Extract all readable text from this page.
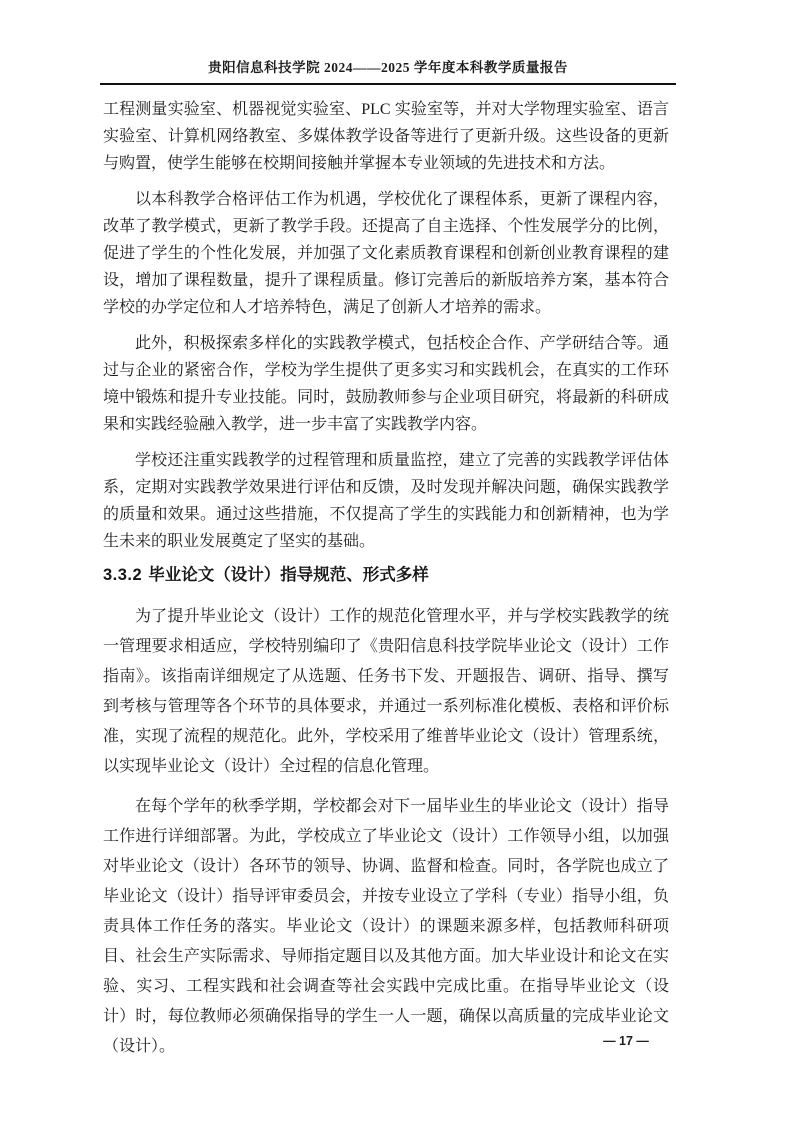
贵阳信息科技学院 2024——2025 学年度本科教学质量报告

工程测量实验室、机器视觉实验室、PLC 实验室等，并对大学物理实验室、语言实验室、计算机网络教室、多媒体教学设备等进行了更新升级。这些设备的更新与购置，使学生能够在校期间接触并掌握本专业领域的先进技术和方法。

以本科教学合格评估工作为机遇，学校优化了课程体系，更新了课程内容，改革了教学模式，更新了教学手段。还提高了自主选择、个性发展学分的比例，促进了学生的个性化发展，并加强了文化素质教育课程和创新创业教育课程的建设，增加了课程数量，提升了课程质量。修订完善后的新版培养方案，基本符合学校的办学定位和人才培养特色，满足了创新人才培养的需求。

此外，积极探索多样化的实践教学模式，包括校企合作、产学研结合等。通过与企业的紧密合作，学校为学生提供了更多实习和实践机会，在真实的工作环境中锻炼和提升专业技能。同时，鼓励教师参与企业项目研究，将最新的科研成果和实践经验融入教学，进一步丰富了实践教学内容。

学校还注重实践教学的过程管理和质量监控，建立了完善的实践教学评估体系，定期对实践教学效果进行评估和反馈，及时发现并解决问题，确保实践教学的质量和效果。通过这些措施，不仅提高了学生的实践能力和创新精神，也为学生未来的职业发展奠定了坚实的基础。

3.3.2 毕业论文（设计）指导规范、形式多样

为了提升毕业论文（设计）工作的规范化管理水平，并与学校实践教学的统一管理要求相适应，学校特别编印了《贵阳信息科技学院毕业论文（设计）工作指南》。该指南详细规定了从选题、任务书下发、开题报告、调研、指导、撰写到考核与管理等各个环节的具体要求，并通过一系列标准化模板、表格和评价标准，实现了流程的规范化。此外，学校采用了维普毕业论文（设计）管理系统，以实现毕业论文（设计）全过程的信息化管理。

在每个学年的秋季学期，学校都会对下一届毕业生的毕业论文（设计）指导工作进行详细部署。为此，学校成立了毕业论文（设计）工作领导小组，以加强对毕业论文（设计）各环节的领导、协调、监督和检查。同时，各学院也成立了毕业论文（设计）指导评审委员会，并按专业设立了学科（专业）指导小组，负责具体工作任务的落实。毕业论文（设计）的课题来源多样，包括教师科研项目、社会生产实际需求、导师指定题目以及其他方面。加大毕业设计和论文在实验、实习、工程实践和社会调查等社会实践中完成比重。在指导毕业论文（设计）时，每位教师必须确保指导的学生一人一题，确保以高质量的完成毕业论文（设计）。	— 17 —
